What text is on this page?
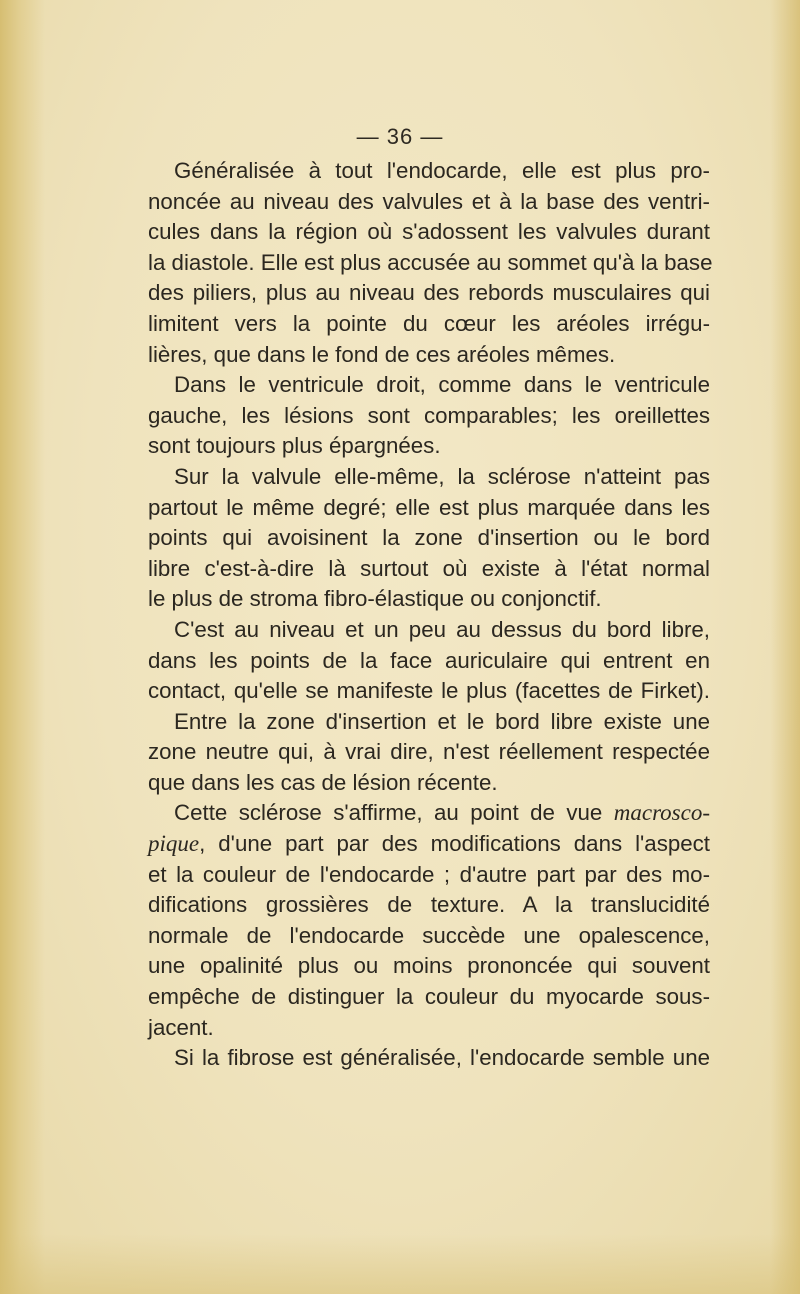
— 36 —
Généralisée à tout l'endocarde, elle est plus pro-
noncée au niveau des valvules et à la base des ventri-
cules dans la région où s'adossent les valvules durant
la diastole. Elle est plus accusée au sommet qu'à la base
des piliers, plus au niveau des rebords musculaires qui
limitent vers la pointe du cœur les aréoles irrégu-
lières, que dans le fond de ces aréoles mêmes.
Dans le ventricule droit, comme dans le ventricule
gauche, les lésions sont comparables; les oreillettes
sont toujours plus épargnées.
Sur la valvule elle-même, la sclérose n'atteint pas
partout le même degré; elle est plus marquée dans les
points qui avoisinent la zone d'insertion ou le bord
libre c'est-à-dire là surtout où existe à l'état normal
le plus de stroma fibro-élastique ou conjonctif.
C'est au niveau et un peu au dessus du bord libre,
dans les points de la face auriculaire qui entrent en
contact, qu'elle se manifeste le plus (facettes de Firket).
Entre la zone d'insertion et le bord libre existe une
zone neutre qui, à vrai dire, n'est réellement respectée
que dans les cas de lésion récente.
Cette sclérose s'affirme, au point de vue macrosco-
pique, d'une part par des modifications dans l'aspect
et la couleur de l'endocarde ; d'autre part par des mo-
difications grossières de texture. A la translucidité
normale de l'endocarde succède une opalescence,
une opalinité plus ou moins prononcée qui souvent
empêche de distinguer la couleur du myocarde sous-
jacent.
Si la fibrose est généralisée, l'endocarde semble une
